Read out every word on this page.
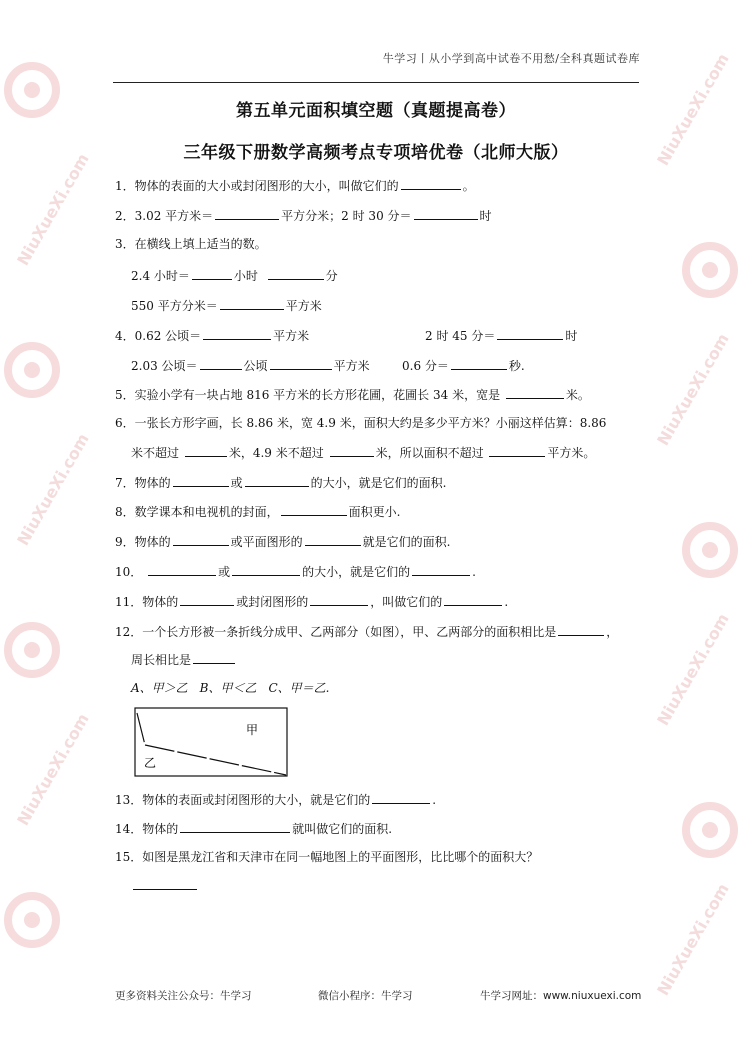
NiuXueXi.com
NiuXueXi.com
NiuXueXi.com
NiuXueXi.com
NiuXueXi.com
NiuXueXi.com
NiuXueXi.com
牛学习丨从小学到高中试卷不用愁/全科真题试卷库
第五单元面积填空题（真题提高卷）
三年级下册数学高频考点专项培优卷（北师大版）
1．物体的表面的大小或封闭图形的大小，叫做它们的	。
2．3.02 平方米＝	平方分米；2 时 30 分＝	时
3．在横线上填上适当的数。
2.4 小时＝	小时	分
550 平方分米＝	平方米
4．0.62 公顷＝	平方米	2 时 45 分＝	时
2.03 公顷＝	公顷	平方米	0.6 分＝	秒.
5．实验小学有一块占地 816 平方米的长方形花圃，花圃长 34 米，宽是	米。
6．一张长方形字画，长 8.86 米，宽 4.9 米，面积大约是多少平方米？小丽这样估算：8.86
米不超过	米，4.9 米不超过	米，所以面积不超过	平方米。
7．物体的	或	的大小，就是它们的面积.
8．数学课本和电视机的封面，	面积更小.
9．物体的	或平面图形的	就是它们的面积.
10．	或	的大小，就是它们的	.
11．物体的	或封闭图形的	，叫做它们的	.
12．一个长方形被一条折线分成甲、乙两部分（如图），甲、乙两部分的面积相比是	，
周长相比是
A、甲＞乙　B、甲＜乙　C、甲＝乙.
甲
乙
13．物体的表面或封闭图形的大小，就是它们的	.
14．物体的	就叫做它们的面积.
15．如图是黑龙江省和天津市在同一幅地图上的平面图形，比比哪个的面积大？
更多资料关注公众号：牛学习	微信小程序：牛学习	牛学习网址：www.niuxuexi.com
